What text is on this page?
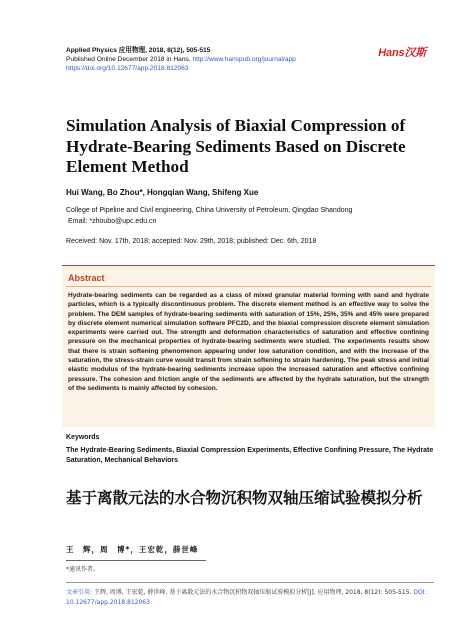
Applied Physics 应用物理, 2018, 8(12), 505-515
Published Online December 2018 in Hans. http://www.hanspub.org/journal/app
https://doi.org/10.12677/app.2018.812063
Hans汉斯
Simulation Analysis of Biaxial Compression of Hydrate-Bearing Sediments Based on Discrete Element Method
Hui Wang, Bo Zhou*, Hongqian Wang, Shifeng Xue
College of Pipeline and Civil engineering, China University of Petroleum, Qingdao Shandong
Email: *zhoubo@upc.edu.cn
Received: Nov. 17th, 2018; accepted: Nov. 29th, 2018; published: Dec. 6th, 2018
Abstract
Hydrate-bearing sediments can be regarded as a class of mixed granular material forming with sand and hydrate particles, which is a typically discontinuous problem. The discrete element method is an effective way to solve the problem. The DEM samples of hydrate-bearing sediments with saturation of 15%, 25%, 35% and 45% were prepared by discrete element numerical simulation software PFC2D, and the biaxial compression discrete element simulation experiments were carried out. The strength and deformation characteristics of saturation and effective confining pressure on the mechanical properties of hydrate-bearing sediments were studied. The experiments results show that there is strain softening phenomenon appearing under low saturation condition, and with the increase of the saturation, the stress-strain curve would transit from strain softening to strain hardening. The peak stress and initial elastic modulus of the hydrate-bearing sediments increase upon the increased saturation and effective confining pressure. The cohesion and friction angle of the sediments are affected by the hydrate saturation, but the strength of the sediments is mainly affected by cohesion.
Keywords
The Hydrate-Bearing Sediments, Biaxial Compression Experiments, Effective Confining Pressure, The Hydrate Saturation, Mechanical Behaviors
基于离散元法的水合物沉积物双轴压缩试验模拟分析
王　辉，周　博*，王宏乾，薛世峰
*通讯作者。
文章引用: 王辉, 周博, 王宏乾, 薛世峰. 基于离散元法的水合物沉积物双轴压缩试验模拟分析[J]. 应用物理, 2018, 8(12): 505-515. DOI: 10.12677/app.2018.812063
